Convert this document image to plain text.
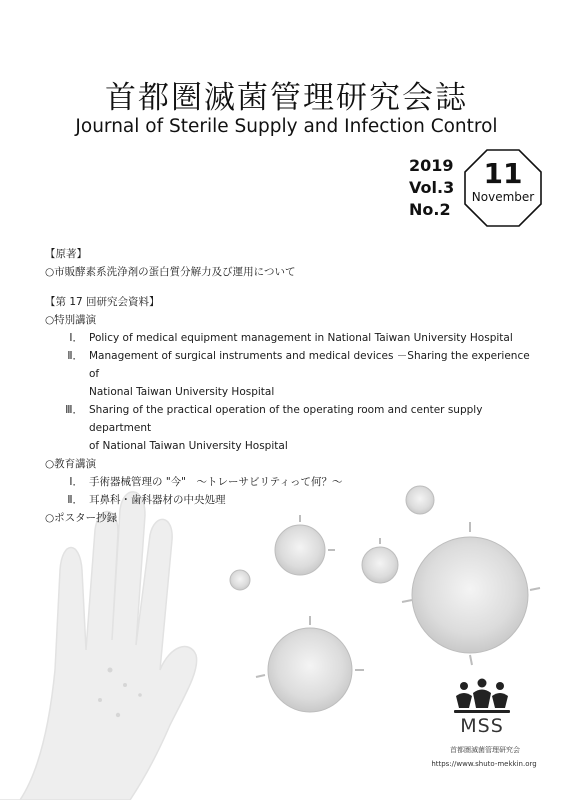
首都圏滅菌管理研究会誌
Journal of Sterile Supply and Infection Control
2019
Vol.3
No.2
11
November
【原著】
○市販酵素系洗浄剤の蛋白質分解力及び運用について
【第 17 回研究会資料】
○特別講演
Ⅰ． Policy of medical equipment management in National Taiwan University Hospital
Ⅱ． Management of surgical instruments and medical devices －Sharing the experience of
National Taiwan University Hospital
Ⅲ． Sharing of the practical operation of the operating room and center supply department
of National Taiwan University Hospital
○教育講演
Ⅰ． 手術器械管理の "今"　～トレーサビリティって何？～
Ⅱ． 耳鼻科・歯科器材の中央処理
○ポスター抄録
MSS
首都圏滅菌管理研究会
https://www.shuto-mekkin.org
